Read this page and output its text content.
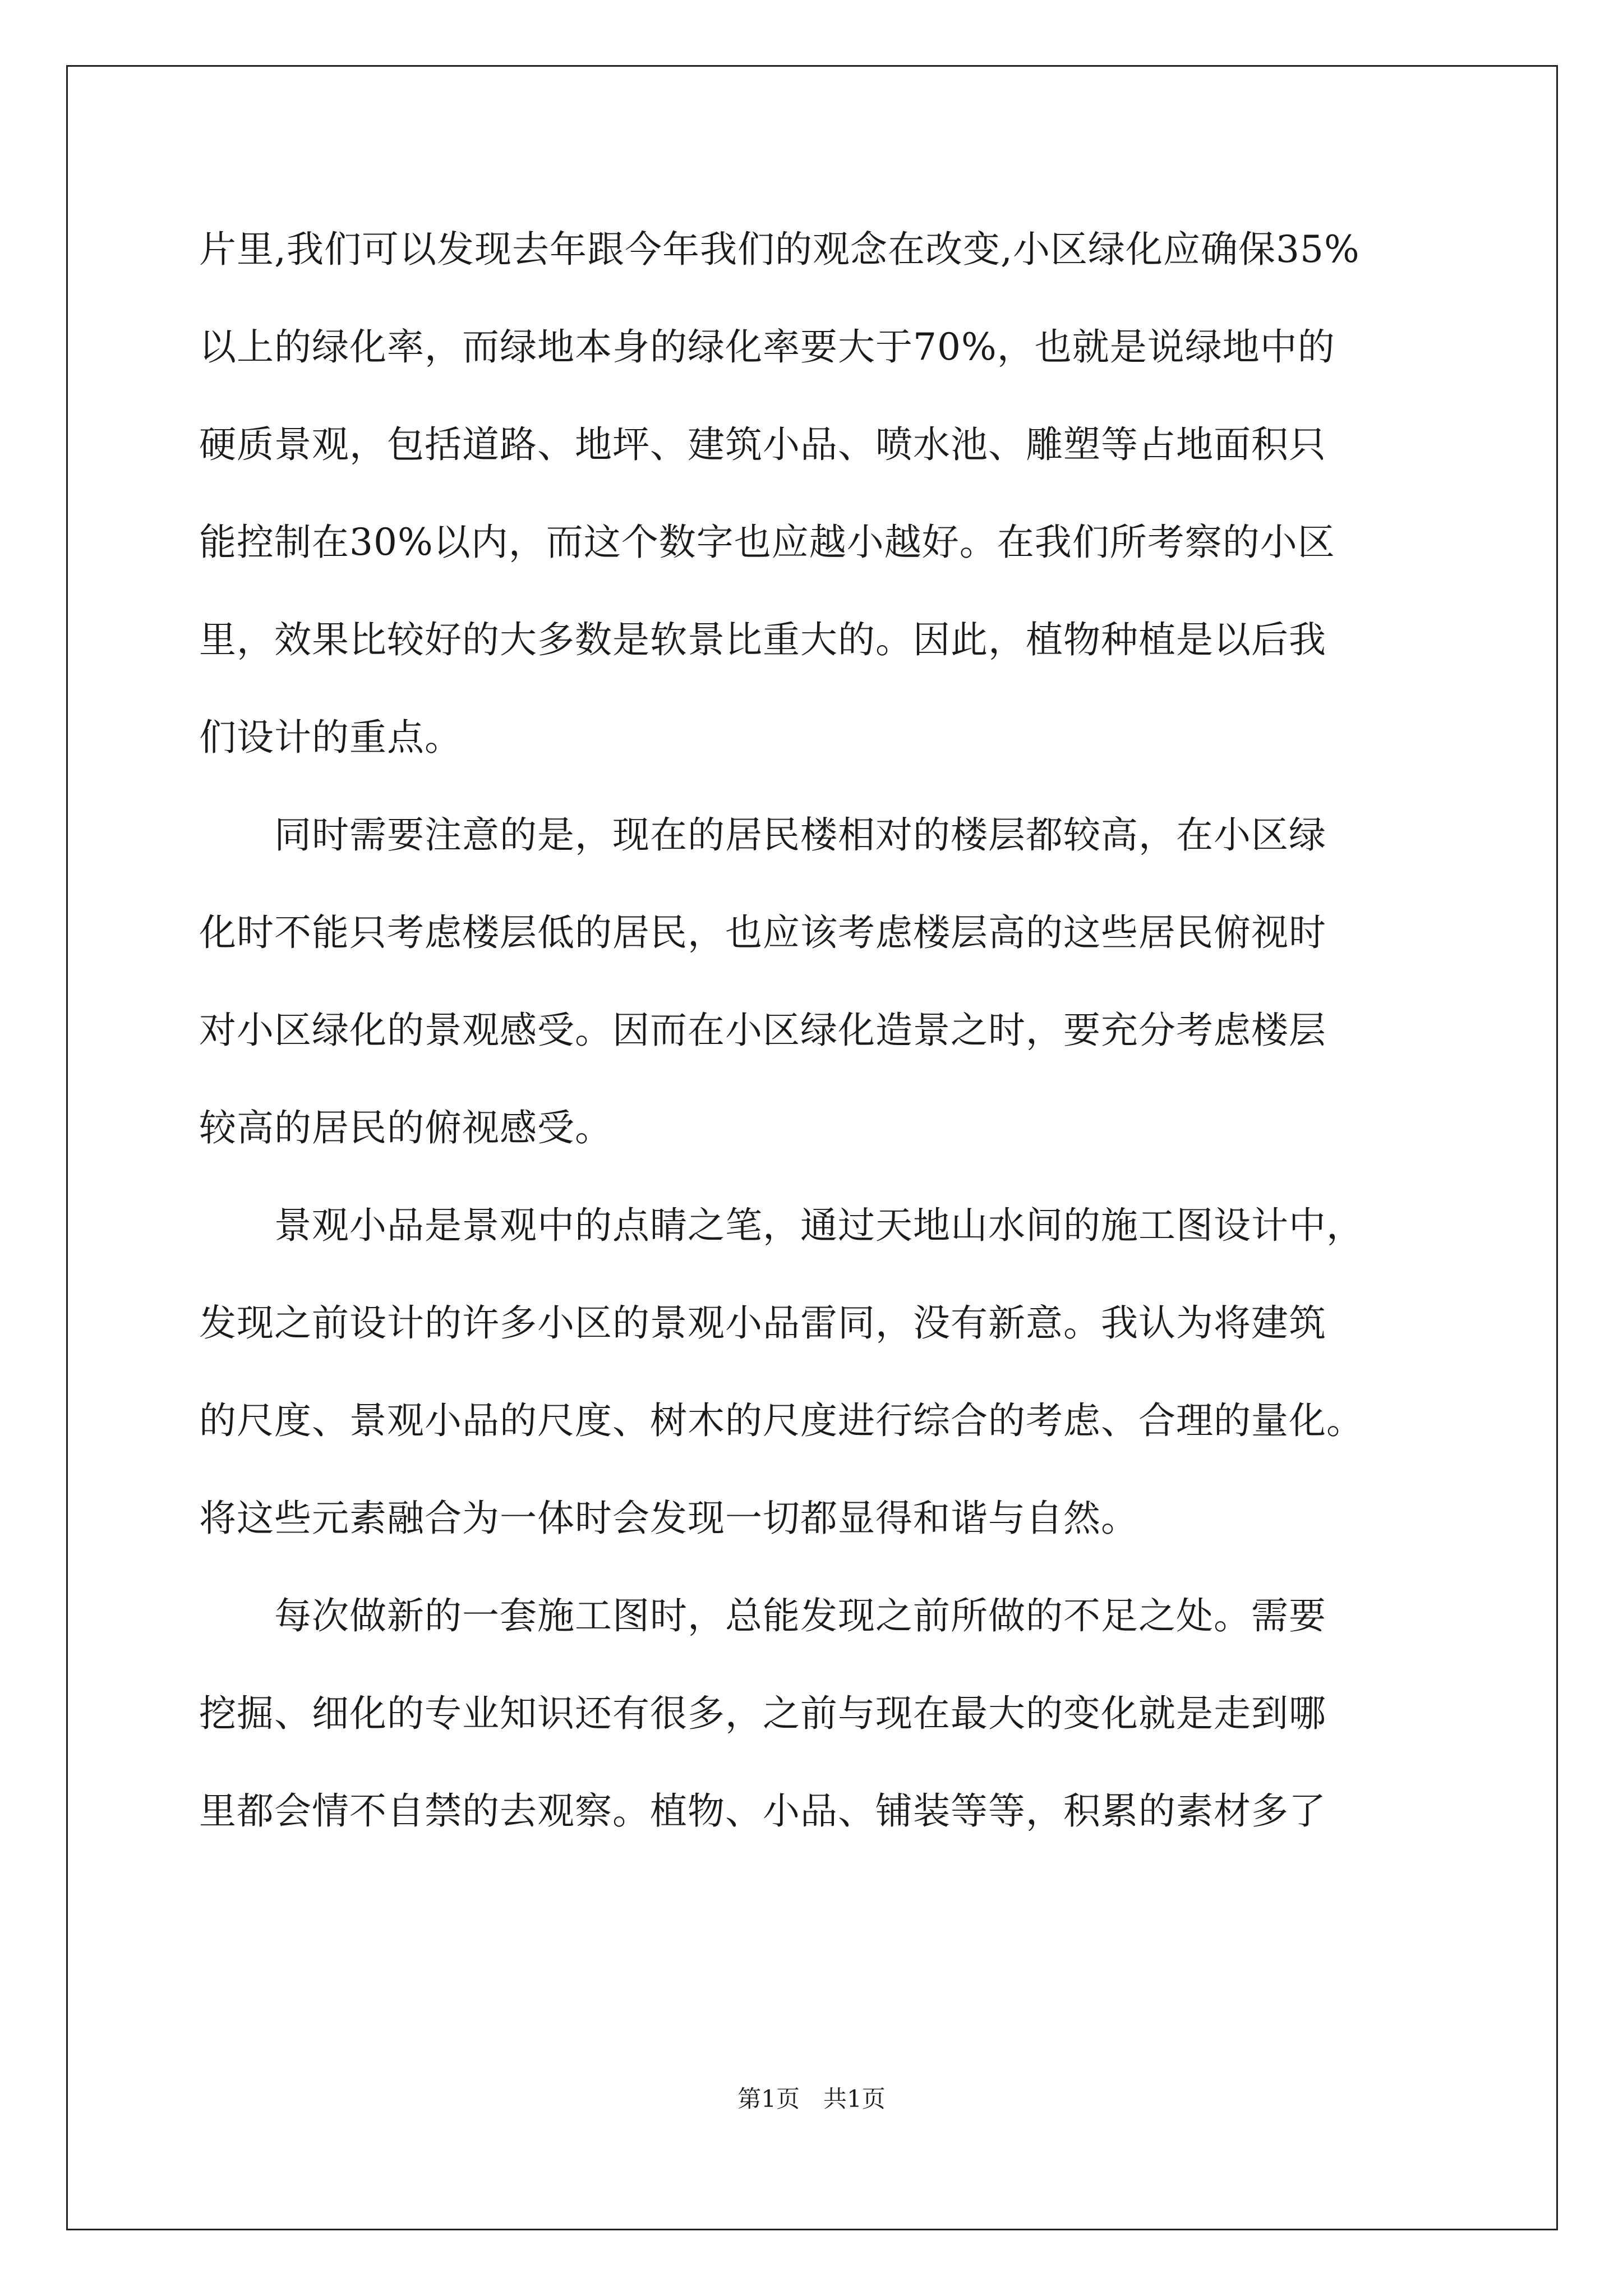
片里,我们可以发现去年跟今年我们的观念在改变,小区绿化应确保35%
以上的绿化率，而绿地本身的绿化率要大于70%，也就是说绿地中的
硬质景观，包括道路、地坪、建筑小品、喷水池、雕塑等占地面积只
能控制在30%以内，而这个数字也应越小越好。在我们所考察的小区
里，效果比较好的大多数是软景比重大的。因此，植物种植是以后我
们设计的重点。
　　同时需要注意的是，现在的居民楼相对的楼层都较高，在小区绿
化时不能只考虑楼层低的居民，也应该考虑楼层高的这些居民俯视时
对小区绿化的景观感受。因而在小区绿化造景之时，要充分考虑楼层
较高的居民的俯视感受。
　　景观小品是景观中的点睛之笔，通过天地山水间的施工图设计中，
发现之前设计的许多小区的景观小品雷同，没有新意。我认为将建筑
的尺度、景观小品的尺度、树木的尺度进行综合的考虑、合理的量化。
将这些元素融合为一体时会发现一切都显得和谐与自然。
　　每次做新的一套施工图时，总能发现之前所做的不足之处。需要
挖掘、细化的专业知识还有很多，之前与现在最大的变化就是走到哪
里都会情不自禁的去观察。植物、小品、铺装等等，积累的素材多了
第1页　共1页
